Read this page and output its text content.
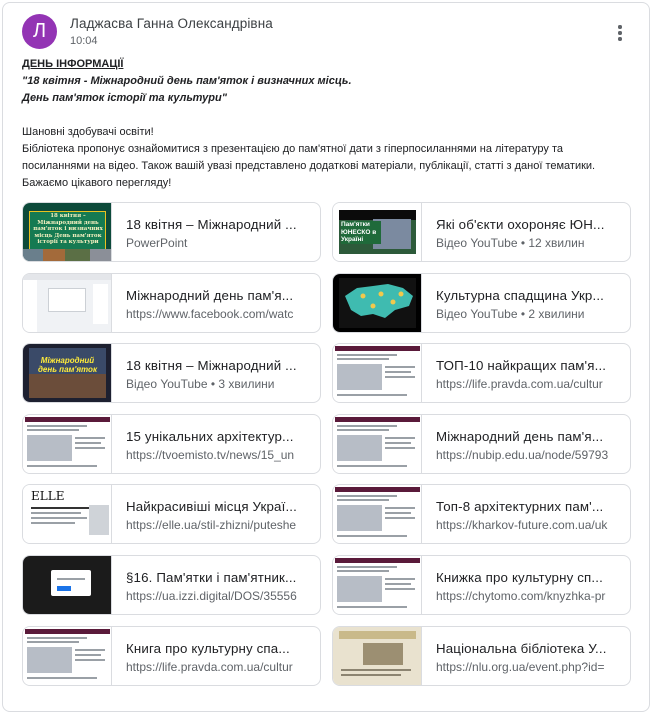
Л	Ладжасва Ганна Олександрівна
10:04
ДЕНЬ ІНФОРМАЦІЇ
"18 квітня - Міжнародний день пам'яток і визначних місць.
День пам'яток історії та культури"
Шановні здобувачі освіти!
Бібліотека пропонує ознайомитися з презентацією до пам'ятної дати з гіперпосиланнями на літературу та
посиланнями на відео. Також вашій увазі представлено додаткові матеріали, публікації, статті з даної тематики.
Бажаємо цікавого перегляду!
18 квітня – Міжнародний день пам'яток і визначних місць День пам'яток історії та культури
18 квітня – Міжнародний ...
PowerPoint
Пам'ятки ЮНЕСКО в Україні
Які об'єкти охороняє ЮН...
Відео YouTube • 12 хвилин
Міжнародний день пам'я...
https://www.facebook.com/watc
Культурна спадщина Укр...
Відео YouTube • 2 хвилини
Міжнародний день пам'яток	18 квітня – Міжнародний ...
Відео YouTube • 3 хвилини
ТОП-10 найкращих пам'я...
https://life.pravda.com.ua/cultur
15 унікальних архітектур...
https://tvoemisto.tv/news/15_un
Міжнародний день пам'я...
https://nubip.edu.ua/node/59793
ELLE
Найкрасивіші місця Украї...
https://elle.ua/stil-zhizni/puteshe
Топ-8 архітектурних пам'...
https://kharkov-future.com.ua/uk
§16. Пам'ятки і пам'ятник...
https://ua.izzi.digital/DOS/35556
Книжка про культурну сп...
https://chytomo.com/knyzhka-pr
Книга про культурну спа...
https://life.pravda.com.ua/cultur
Національна бібліотека У...
https://nlu.org.ua/event.php?id=
